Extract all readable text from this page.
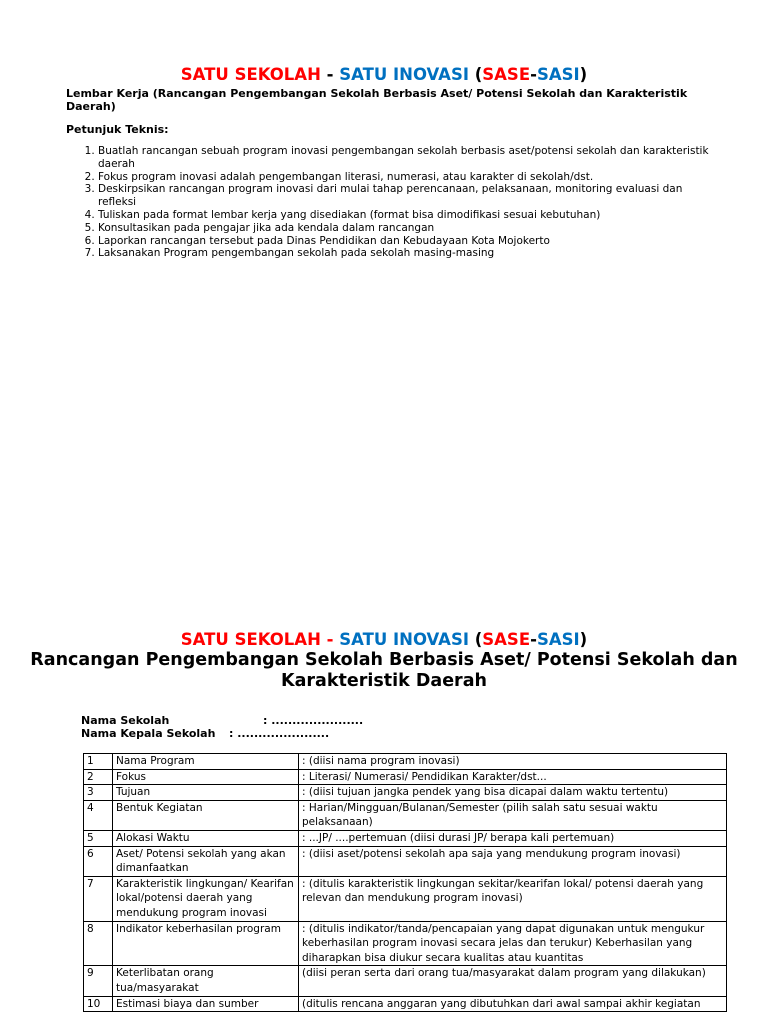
SATU SEKOLAH - SATU INOVASI (SASE-SASI)
Lembar Kerja (Rancangan Pengembangan Sekolah Berbasis Aset/ Potensi Sekolah dan Karakteristik Daerah)
Petunjuk Teknis:
1. Buatlah rancangan sebuah program inovasi pengembangan sekolah berbasis aset/potensi sekolah dan karakteristik daerah
2. Fokus program inovasi adalah pengembangan literasi, numerasi, atau karakter di sekolah/dst.
3. Deskirpsikan rancangan program inovasi dari mulai tahap perencanaan, pelaksanaan, monitoring evaluasi dan refleksi
4. Tuliskan pada format lembar kerja yang disediakan (format bisa dimodifikasi sesuai kebutuhan)
5. Konsultasikan pada pengajar jika ada kendala dalam rancangan
6. Laporkan rancangan tersebut pada Dinas Pendidikan dan Kebudayaan Kota Mojokerto
7. Laksanakan Program pengembangan sekolah pada sekolah masing-masing
SATU SEKOLAH - SATU INOVASI (SASE-SASI)
Rancangan Pengembangan Sekolah Berbasis Aset/ Potensi Sekolah dan Karakteristik Daerah
Nama Sekolah	: ......................
Nama Kepala Sekolah : ......................
1	Nama Program	: (diisi nama program inovasi)
2	Fokus	: Literasi/ Numerasi/ Pendidikan Karakter/dst...
3	Tujuan	: (diisi tujuan jangka pendek yang bisa dicapai dalam waktu tertentu)
4	Bentuk Kegiatan	: Harian/Mingguan/Bulanan/Semester (pilih salah satu sesuai waktu pelaksanaan)
5	Alokasi Waktu	: ...JP/ ....pertemuan (diisi durasi JP/ berapa kali pertemuan)
6	Aset/ Potensi sekolah yang akan dimanfaatkan	: (diisi aset/potensi sekolah apa saja yang mendukung program inovasi)
7	Karakteristik lingkungan/ Kearifan lokal/potensi daerah yang mendukung program inovasi	: (ditulis karakteristik lingkungan sekitar/kearifan lokal/ potensi daerah yang relevan dan mendukung program inovasi)
8	Indikator keberhasilan program	: (ditulis indikator/tanda/pencapaian yang dapat digunakan untuk mengukur keberhasilan program inovasi secara jelas dan terukur) Keberhasilan yang diharapkan bisa diukur secara kualitas atau kuantitas
9	Keterlibatan orang tua/masyarakat	(diisi peran serta dari orang tua/masyarakat dalam program yang dilakukan)
10	Estimasi biaya dan sumber	(ditulis rencana anggaran yang dibutuhkan dari awal sampai akhir kegiatan
